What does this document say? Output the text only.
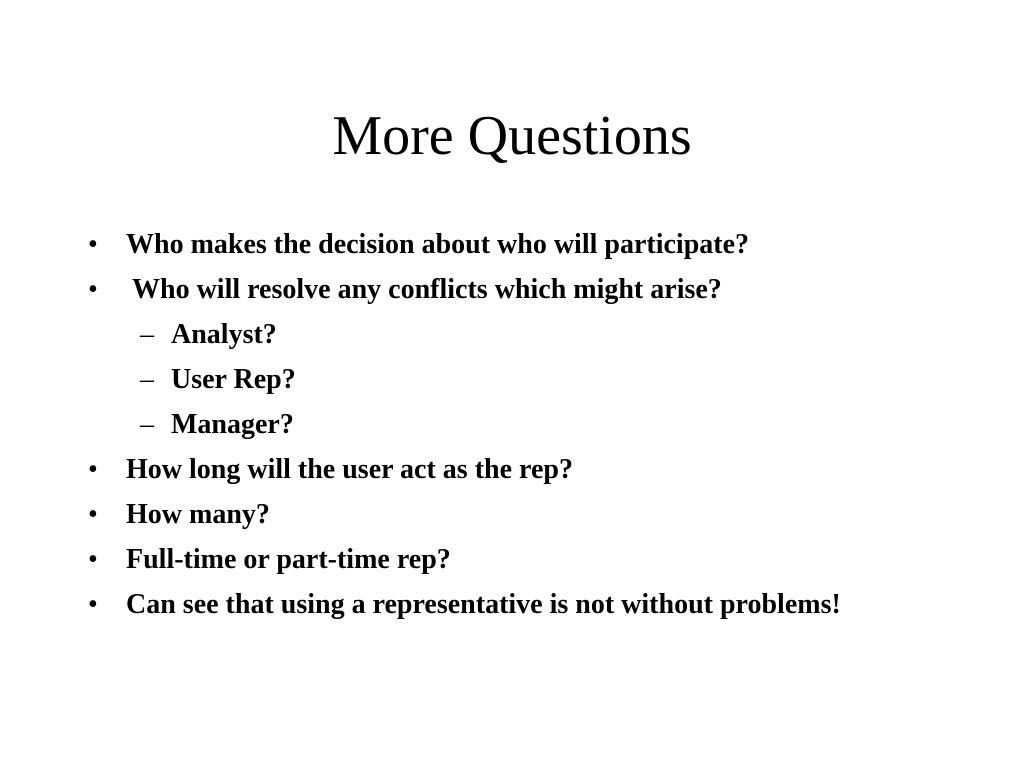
More Questions
• Who makes the decision about who will participate?
• Who will resolve any conflicts which might arise?
– Analyst?
– User Rep?
– Manager?
• How long will the user act as the rep?
• How many?
• Full-time or part-time rep?
• Can see that using a representative is not without problems!
